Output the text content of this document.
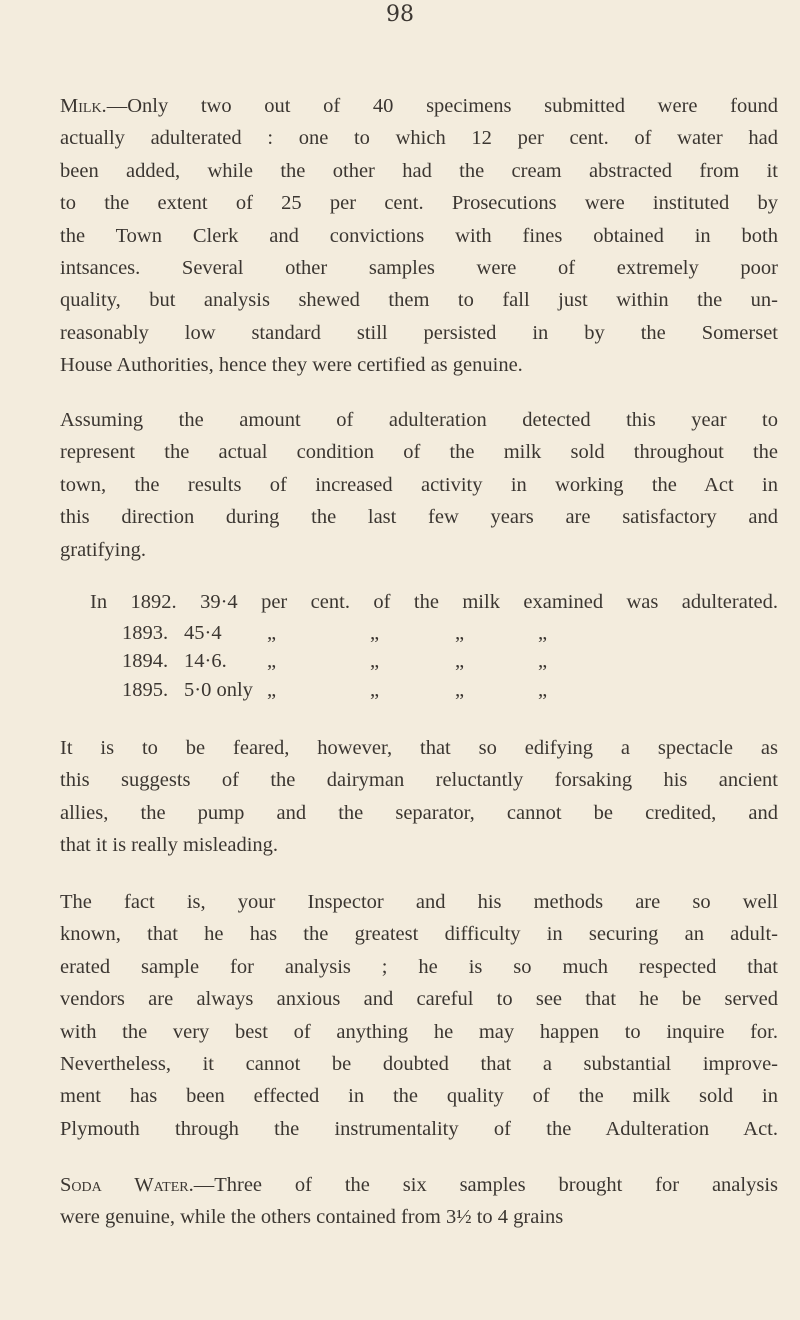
98
Milk.—Only two out of 40 specimens submitted were found
actually adulterated : one to which 12 per cent. of water had
been added, while the other had the cream abstracted from it
to the extent of 25 per cent. Prosecutions were instituted by
the Town Clerk and convictions with fines obtained in both
intsances. Several other samples were of extremely poor
quality, but analysis shewed them to fall just within the un-
reasonably low standard still persisted in by the Somerset
House Authorities, hence they were certified as genuine.
Assuming the amount of adulteration detected this year to
represent the actual condition of the milk sold throughout the
town, the results of increased activity in working the Act in
this direction during the last few years are satisfactory and
gratifying.
In 1892. 39·4 per cent. of the milk examined was adulterated.
1893. 45·4 „	„	„	„
1894. 14·6. „	„	„	„
1895. 5·0 only „	„	„	„
It is to be feared, however, that so edifying a spectacle as
this suggests of the dairyman reluctantly forsaking his ancient
allies, the pump and the separator, cannot be credited, and
that it is really misleading.
The fact is, your Inspector and his methods are so well
known, that he has the greatest difficulty in securing an adult-
erated sample for analysis ; he is so much respected that
vendors are always anxious and careful to see that he be served
with the very best of anything he may happen to inquire for.
Nevertheless, it cannot be doubted that a substantial improve-
ment has been effected in the quality of the milk sold in
Plymouth through the instrumentality of the Adulteration Act.
Soda Water.—Three of the six samples brought for analysis
were genuine, while the others contained from 3½ to 4 grains
